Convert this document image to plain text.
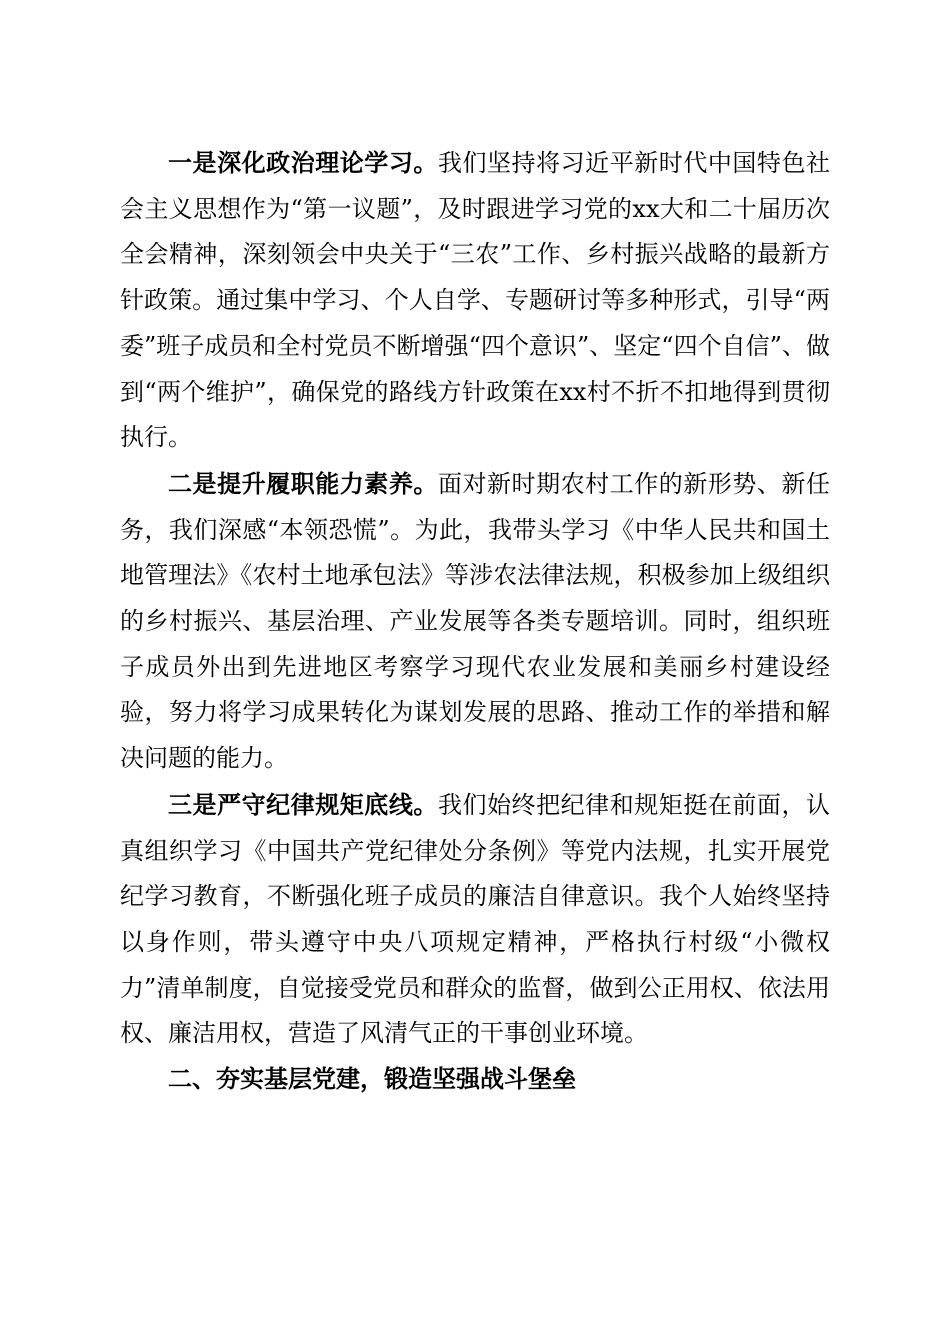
一是深化政治理论学习。我们坚持将习近平新时代中国特色社会主义思想作为“第一议题”，及时跟进学习党的xx大和二十届历次全会精神，深刻领会中央关于“三农”工作、乡村振兴战略的最新方针政策。通过集中学习、个人自学、专题研讨等多种形式，引导“两委”班子成员和全村党员不断增强“四个意识”、坚定“四个自信”、做到“两个维护”，确保党的路线方针政策在xx村不折不扣地得到贯彻执行。

二是提升履职能力素养。面对新时期农村工作的新形势、新任务，我们深感“本领恐慌”。为此，我带头学习《中华人民共和国土地管理法》《农村土地承包法》等涉农法律法规，积极参加上级组织的乡村振兴、基层治理、产业发展等各类专题培训。同时，组织班子成员外出到先进地区考察学习现代农业发展和美丽乡村建设经验，努力将学习成果转化为谋划发展的思路、推动工作的举措和解决问题的能力。

三是严守纪律规矩底线。我们始终把纪律和规矩挺在前面，认真组织学习《中国共产党纪律处分条例》等党内法规，扎实开展党纪学习教育，不断强化班子成员的廉洁自律意识。我个人始终坚持以身作则，带头遵守中央八项规定精神，严格执行村级“小微权力”清单制度，自觉接受党员和群众的监督，做到公正用权、依法用权、廉洁用权，营造了风清气正的干事创业环境。

二、夯实基层党建，锻造坚强战斗堡垒
